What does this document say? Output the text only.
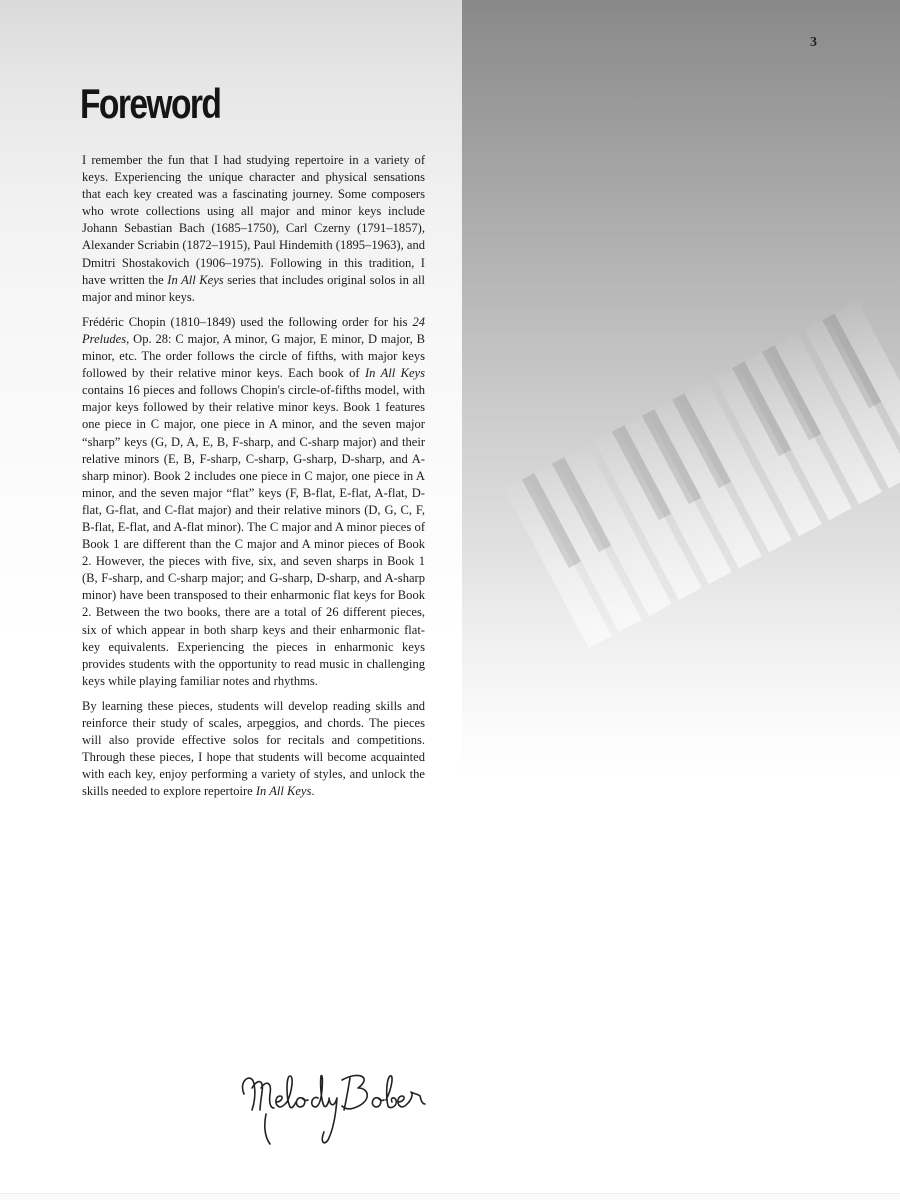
3
Foreword

I remember the fun that I had studying repertoire in a variety of keys. Experiencing the unique character and physical sensations that each key created was a fascinating journey. Some composers who wrote collections using all major and minor keys include Johann Sebastian Bach (1685–1750), Carl Czerny (1791–1857), Alexander Scriabin (1872–1915), Paul Hindemith (1895–1963), and Dmitri Shostakovich (1906–1975). Following in this tradition, I have written the In All Keys series that includes original solos in all major and minor keys.

Frédéric Chopin (1810–1849) used the following order for his 24 Preludes, Op. 28: C major, A minor, G major, E minor, D major, B minor, etc. The order follows the circle of fifths, with major keys followed by their relative minor keys. Each book of In All Keys contains 16 pieces and follows Chopin's circle-of-fifths model, with major keys followed by their relative minor keys. Book 1 features one piece in C major, one piece in A minor, and the seven major “sharp” keys (G, D, A, E, B, F-sharp, and C-sharp major) and their relative minors (E, B, F-sharp, C-sharp, G-sharp, D-sharp, and A-sharp minor). Book 2 includes one piece in C major, one piece in A minor, and the seven major “flat” keys (F, B-flat, E-flat, A-flat, D-flat, G-flat, and C-flat major) and their relative minors (D, G, C, F, B-flat, E-flat, and A-flat minor). The C major and A minor pieces of Book 1 are different than the C major and A minor pieces of Book 2. However, the pieces with five, six, and seven sharps in Book 1 (B, F-sharp, and C-sharp major; and G-sharp, D-sharp, and A-sharp minor) have been transposed to their enharmonic flat keys for Book 2. Between the two books, there are a total of 26 different pieces, six of which appear in both sharp keys and their enharmonic flat-key equivalents. Experiencing the pieces in enharmonic keys provides students with the opportunity to read music in challenging keys while playing familiar notes and rhythms.

By learning these pieces, students will develop reading skills and reinforce their study of scales, arpeggios, and chords. The pieces will also provide effective solos for recitals and competitions. Through these pieces, I hope that students will become acquainted with each key, enjoy performing a variety of styles, and unlock the skills needed to explore repertoire In All Keys.
